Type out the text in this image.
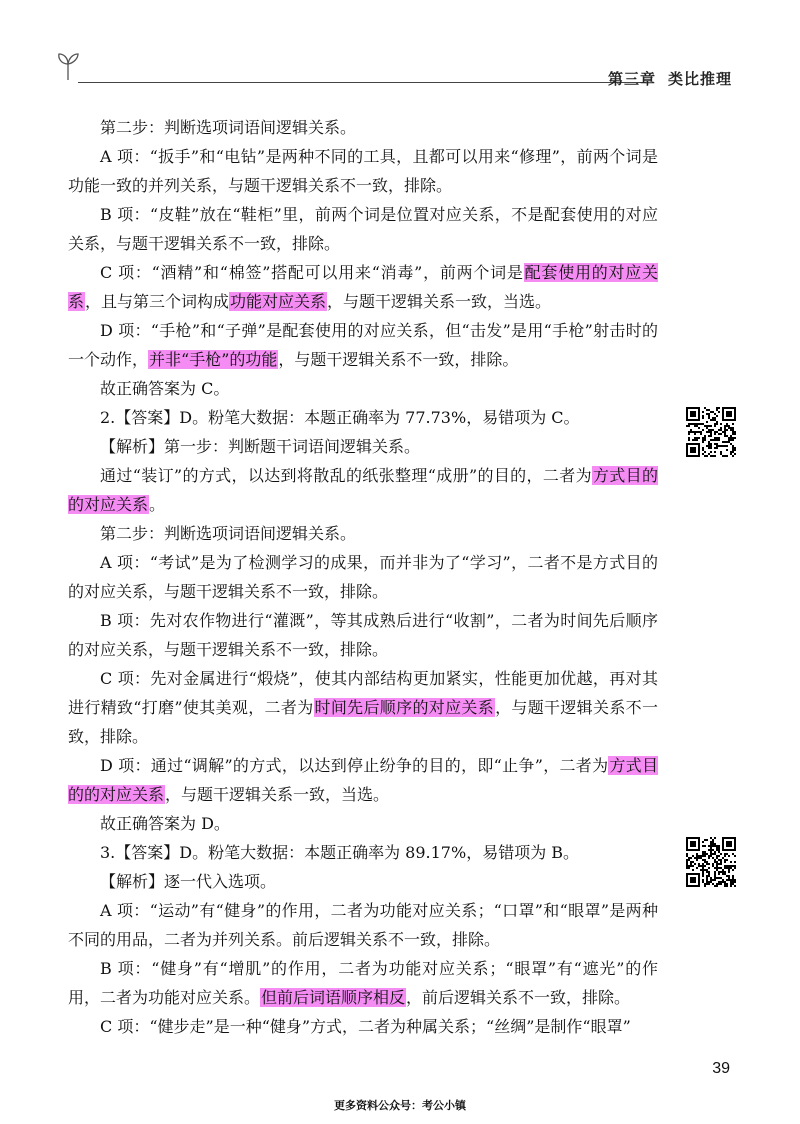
第三章 类比推理

第二步：判断选项词语间逻辑关系。

A 项：“扳手”和“电钻”是两种不同的工具，且都可以用来“修理”，前两个词是功能一致的并列关系，与题干逻辑关系不一致，排除。

B 项：“皮鞋”放在“鞋柜”里，前两个词是位置对应关系，不是配套使用的对应关系，与题干逻辑关系不一致，排除。

C 项：“酒精”和“棉签”搭配可以用来“消毒”，前两个词是配套使用的对应关系，且与第三个词构成功能对应关系，与题干逻辑关系一致，当选。

D 项：“手枪”和“子弹”是配套使用的对应关系，但“击发”是用“手枪”射击时的一个动作，并非“手枪”的功能，与题干逻辑关系不一致，排除。

故正确答案为 C。

2.【答案】D。粉笔大数据：本题正确率为 77.73%，易错项为 C。

【解析】第一步：判断题干词语间逻辑关系。

通过“装订”的方式，以达到将散乱的纸张整理“成册”的目的，二者为方式目的的对应关系。

第二步：判断选项词语间逻辑关系。

A 项：“考试”是为了检测学习的成果，而并非为了“学习”，二者不是方式目的的对应关系，与题干逻辑关系不一致，排除。

B 项：先对农作物进行“灌溉”，等其成熟后进行“收割”，二者为时间先后顺序的对应关系，与题干逻辑关系不一致，排除。

C 项：先对金属进行“煅烧”，使其内部结构更加紧实，性能更加优越，再对其进行精致“打磨”使其美观，二者为时间先后顺序的对应关系，与题干逻辑关系不一致，排除。

D 项：通过“调解”的方式，以达到停止纷争的目的，即“止争”，二者为方式目的的对应关系，与题干逻辑关系一致，当选。

故正确答案为 D。

3.【答案】D。粉笔大数据：本题正确率为 89.17%，易错项为 B。

【解析】逐一代入选项。

A 项：“运动”有“健身”的作用，二者为功能对应关系；“口罩”和“眼罩”是两种不同的用品，二者为并列关系。前后逻辑关系不一致，排除。

B 项：“健身”有“增肌”的作用，二者为功能对应关系；“眼罩”有“遮光”的作用，二者为功能对应关系。但前后词语顺序相反，前后逻辑关系不一致，排除。

C 项：“健步走”是一种“健身”方式，二者为种属关系；“丝绸”是制作“眼罩”

39
更多资料公众号：考公小镇
